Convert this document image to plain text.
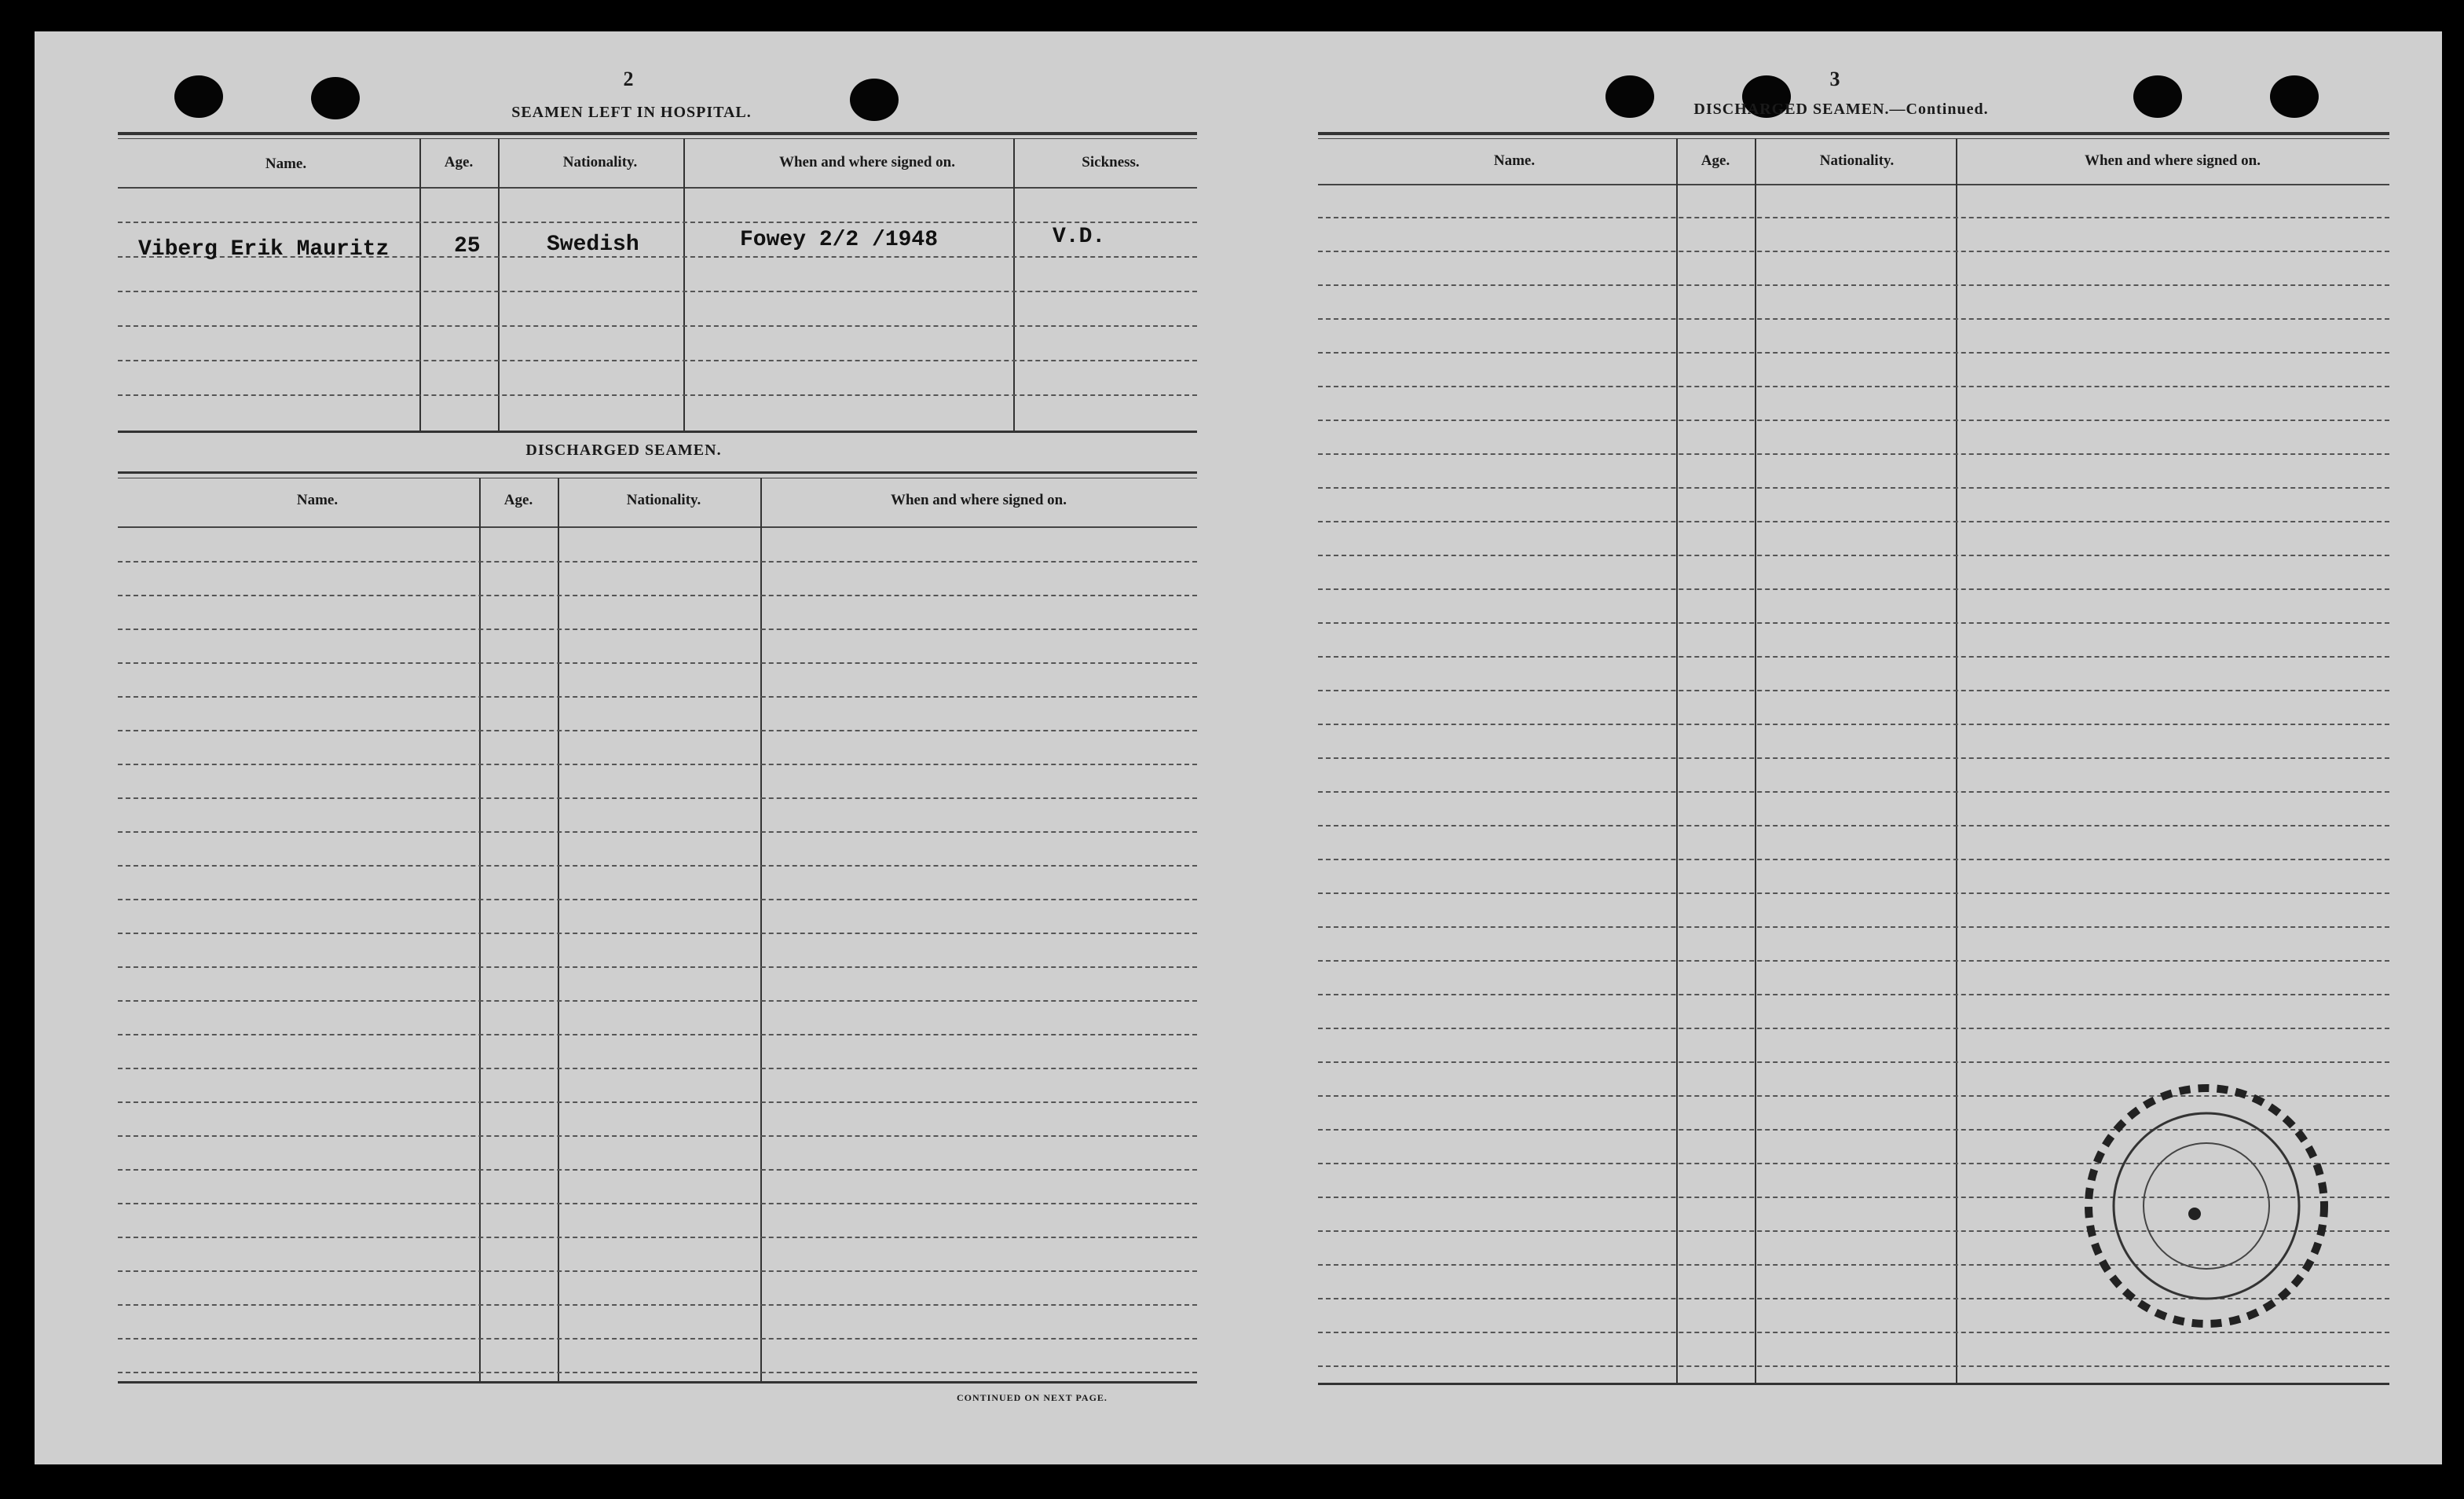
2
SEAMEN LEFT IN HOSPITAL.
Name.	Age.	Nationality.	When and where signed on.	Sickness.
Viberg Erik Mauritz	25	Swedish	Fowey 2/2 /1948	V.D.
DISCHARGED SEAMEN.
Name.	Age.	Nationality.	When and where signed on.
CONTINUED ON NEXT PAGE.
3
DISCHARGED SEAMEN.—Continued.
Name.	Age.	Nationality.	When and where signed on.
